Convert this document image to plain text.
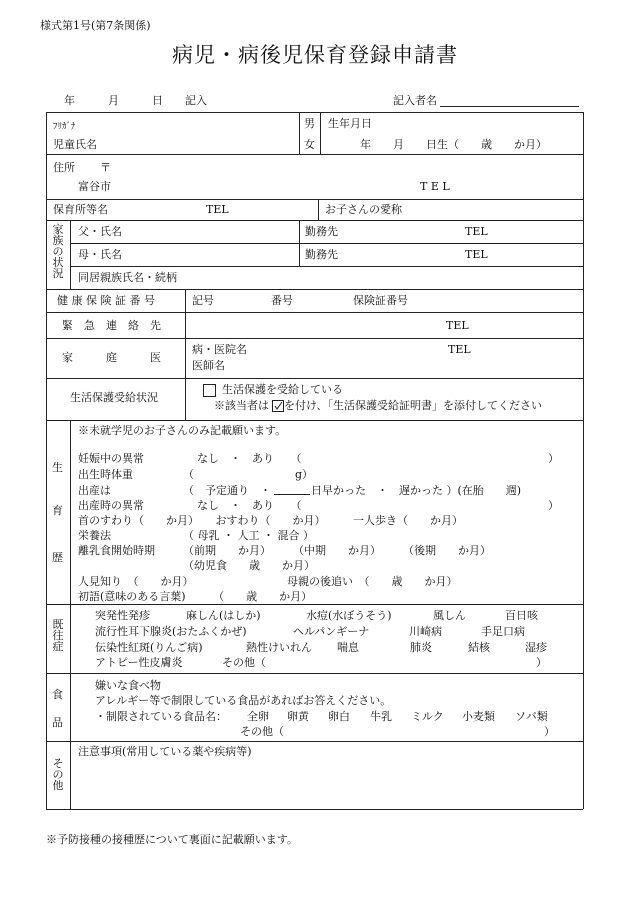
様式第1号(第7条関係)
病児・病後児保育登録申請書
年　　　月　　　日　　記入	記入者名
ﾌﾘｶﾞﾅ
児童氏名
男
女
生年月日
年　　月　　日生（　　歳　　か月）
住所 〒
富谷市	T E L
保育所等名	TEL	お子さんの愛称
家
族
の
状
況
父・氏名	勤務先	TEL
母・氏名	勤務先	TEL
同居親族氏名・続柄
健 康 保 険 証 番 号	記号	番号	保険証番号
緊　急　連　絡　先	TEL
家　　　庭　　　医
病・医院名	TEL
医師名
生活保護受給状況
生活保護を受給している
※該当者は を付け、「生活保護受給証明書」を添付してください
生
育
歴
※未就学児のお子さんのみ記載願います。
妊娠中の異常	なし　・　あり　　（	）
出生時体重	（	g）
出産は	（　予定通り　・	日早かった　・　遅かった ）(在胎　　週)
出産時の異常	なし　・　あり　　（	）
首のすわり（　　か月）　　おすわり（　　か月）　　　一人歩き（　　か月）
栄養法	（ 母乳 ・ 人工 ・ 混合 ）
離乳食開始時期	（前期　　か月）　　　（中期　　か月）　　　（後期　　か月）
（幼児食　　歳　　か月）
人見知り　（　　か月）	母親の後追い　（　　歳　　か月）
初語(意味のある言葉)　　　（　　歳　　か月）
既
往
症
突発性発疹	麻しん(はしか)	水痘(水ぼうそう)	風しん	百日咳
流行性耳下腺炎(おたふくかぜ)	ヘルパンギーナ	川崎病	手足口病
伝染性紅斑(りんご病)	熱性けいれん 喘息	肺炎	結核	湿疹
アトピー性皮膚炎	その他（	）
食
品
嫌いな食べ物
アレルギー等で制限している食品があればお答えください。
・制限されている食品名： 全卵 卵黄 卵白 牛乳 ミルク 小麦類 ソバ類
その他（	）
そ
の
他
注意事項(常用している薬や疾病等)
※予防接種の接種歴について裏面に記載願います。
